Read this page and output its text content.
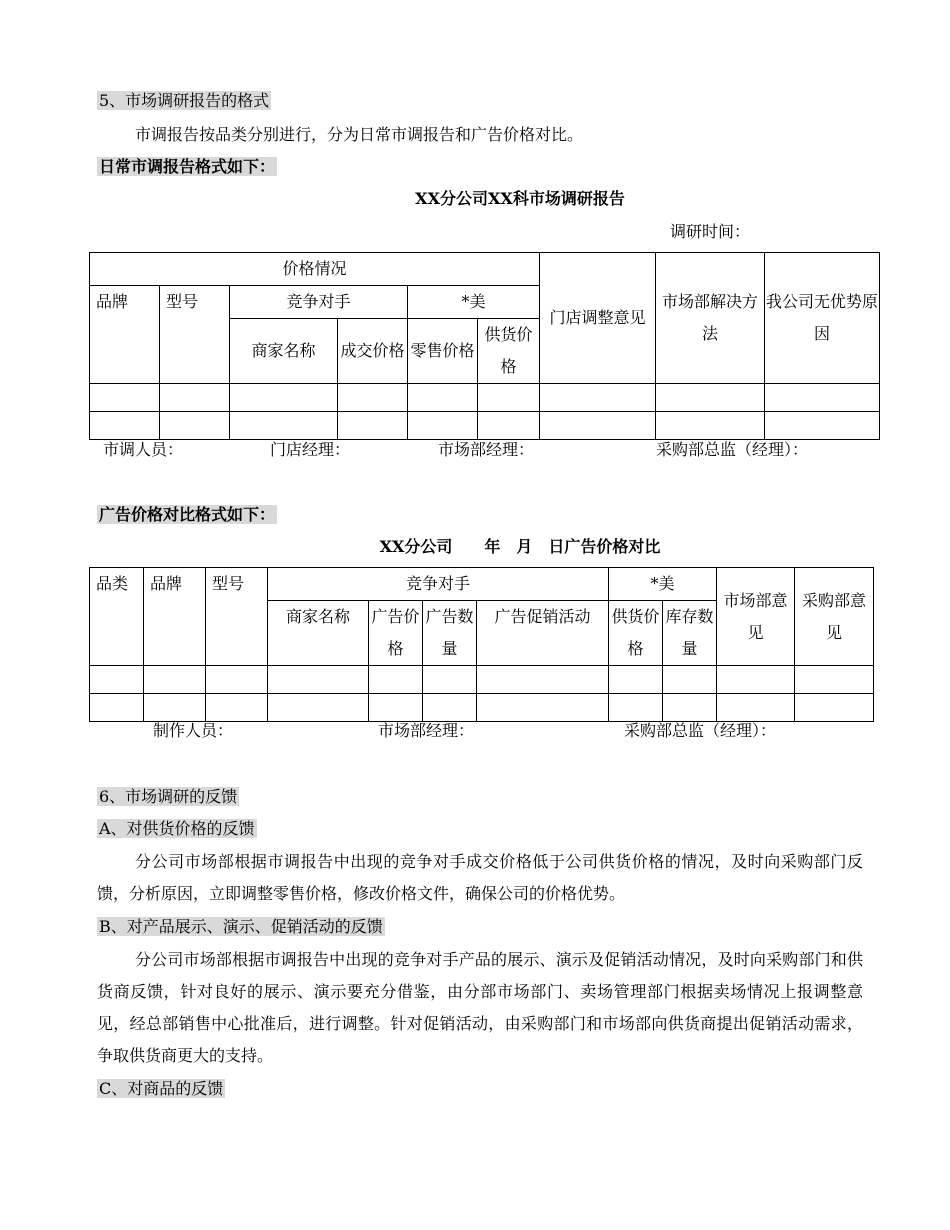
5、市场调研报告的格式
市调报告按品类分别进行，分为日常市调报告和广告价格对比。
日常市调报告格式如下：
XX分公司XX科市场调研报告
调研时间：
价格情况						门店调整意见	市场部解决方法	我公司无优势原因
品牌	型号	竞争对手		*美				
		商家名称	成交价格	零售价格	供货价格			

市调人员：	门店经理：	市场部经理：	采购部总监（经理）：
广告价格对比格式如下：
XX分公司　　年　月　日广告价格对比
品类	品牌	型号	竞争对手				*美		市场部意见	采购部意见
			商家名称	广告价格	广告数量	广告促销活动	供货价格	库存数量		

制作人员：	市场部经理：	采购部总监（经理）：
6、市场调研的反馈
A、对供货价格的反馈
分公司市场部根据市调报告中出现的竞争对手成交价格低于公司供货价格的情况，及时向采购部门反馈，分析原因，立即调整零售价格，修改价格文件，确保公司的价格优势。
B、对产品展示、演示、促销活动的反馈
分公司市场部根据市调报告中出现的竞争对手产品的展示、演示及促销活动情况，及时向采购部门和供货商反馈，针对良好的展示、演示要充分借鉴，由分部市场部门、卖场管理部门根据卖场情况上报调整意见，经总部销售中心批准后，进行调整。针对促销活动，由采购部门和市场部向供货商提出促销活动需求，争取供货商更大的支持。
C、对商品的反馈
